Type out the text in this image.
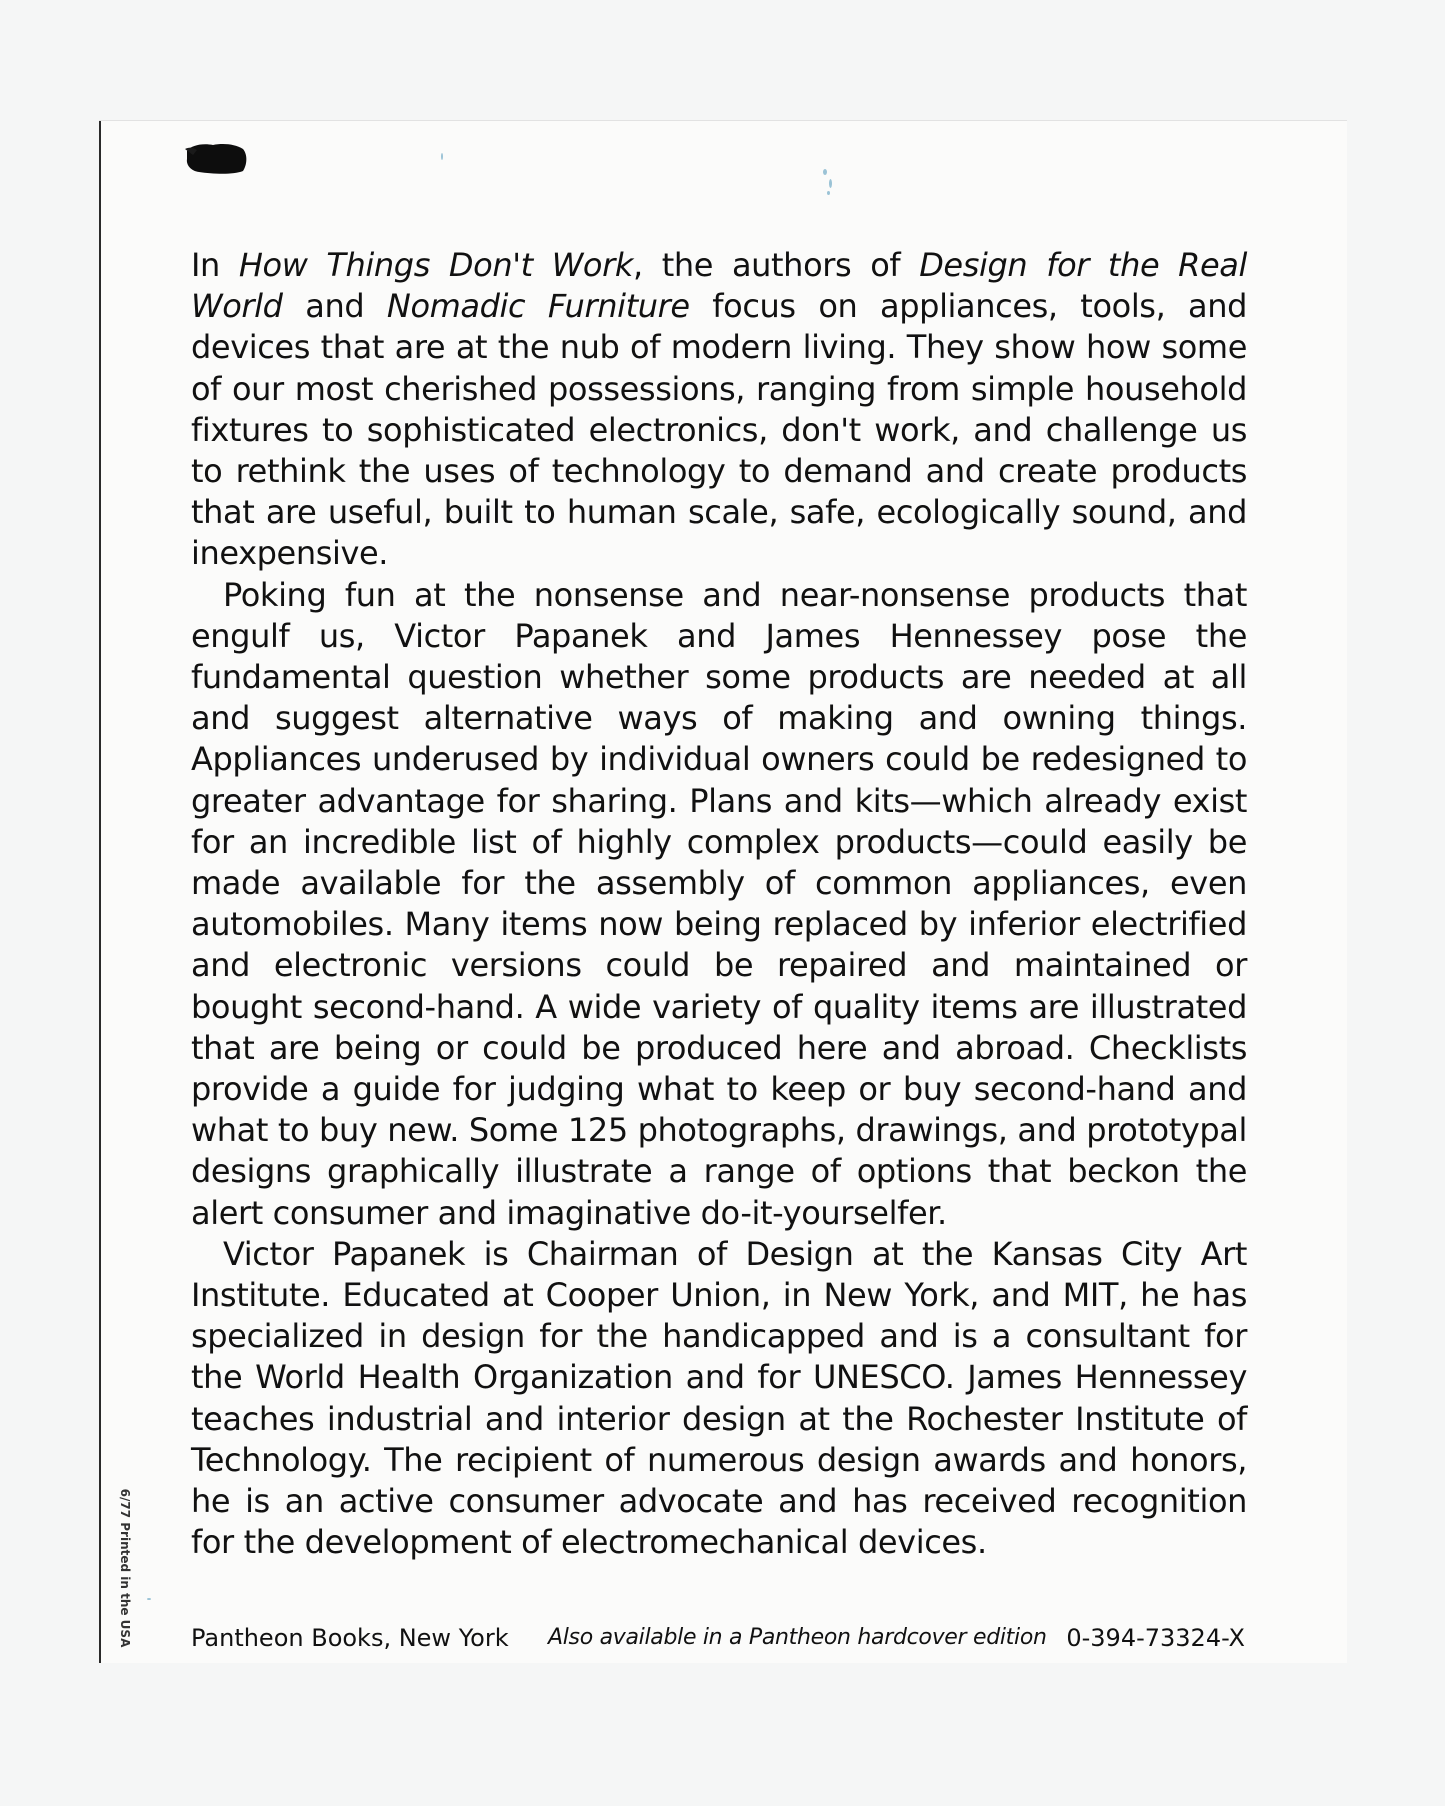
In How Things Don't Work, the authors of Design for the Real World and Nomadic Furniture focus on appliances, tools, and devices that are at the nub of modern living. They show how some of our most cherished possessions, ranging from simple household fixtures to sophisticated electronics, don't work, and challenge us to rethink the uses of technology to demand and create products that are useful, built to human scale, safe, ecologically sound, and inexpensive.

Poking fun at the nonsense and near-nonsense products that engulf us, Victor Papanek and James Hennessey pose the fundamental question whether some products are needed at all and suggest alternative ways of making and owning things. Appliances underused by individual owners could be redesigned to greater advantage for sharing. Plans and kits—which already exist for an incredible list of highly complex products—could easily be made available for the assembly of common appliances, even automobiles. Many items now being replaced by inferior electrified and electronic versions could be repaired and maintained or bought second-hand. A wide variety of quality items are illustrated that are being or could be produced here and abroad. Checklists provide a guide for judging what to keep or buy second-hand and what to buy new. Some 125 photographs, drawings, and prototypal designs graphically illustrate a range of options that beckon the alert consumer and imaginative do-it-yourselfer.

Victor Papanek is Chairman of Design at the Kansas City Art Institute. Educated at Cooper Union, in New York, and MIT, he has specialized in design for the handicapped and is a consultant for the World Health Organization and for UNESCO. James Hennessey teaches industrial and interior design at the Rochester Institute of Technology. The recipient of numerous design awards and honors, he is an active consumer advocate and has received recognition for the development of electromechanical devices.

6/77 Printed in the USA Pantheon Books, New York Also available in a Pantheon hardcover edition 0-394-73324-X
